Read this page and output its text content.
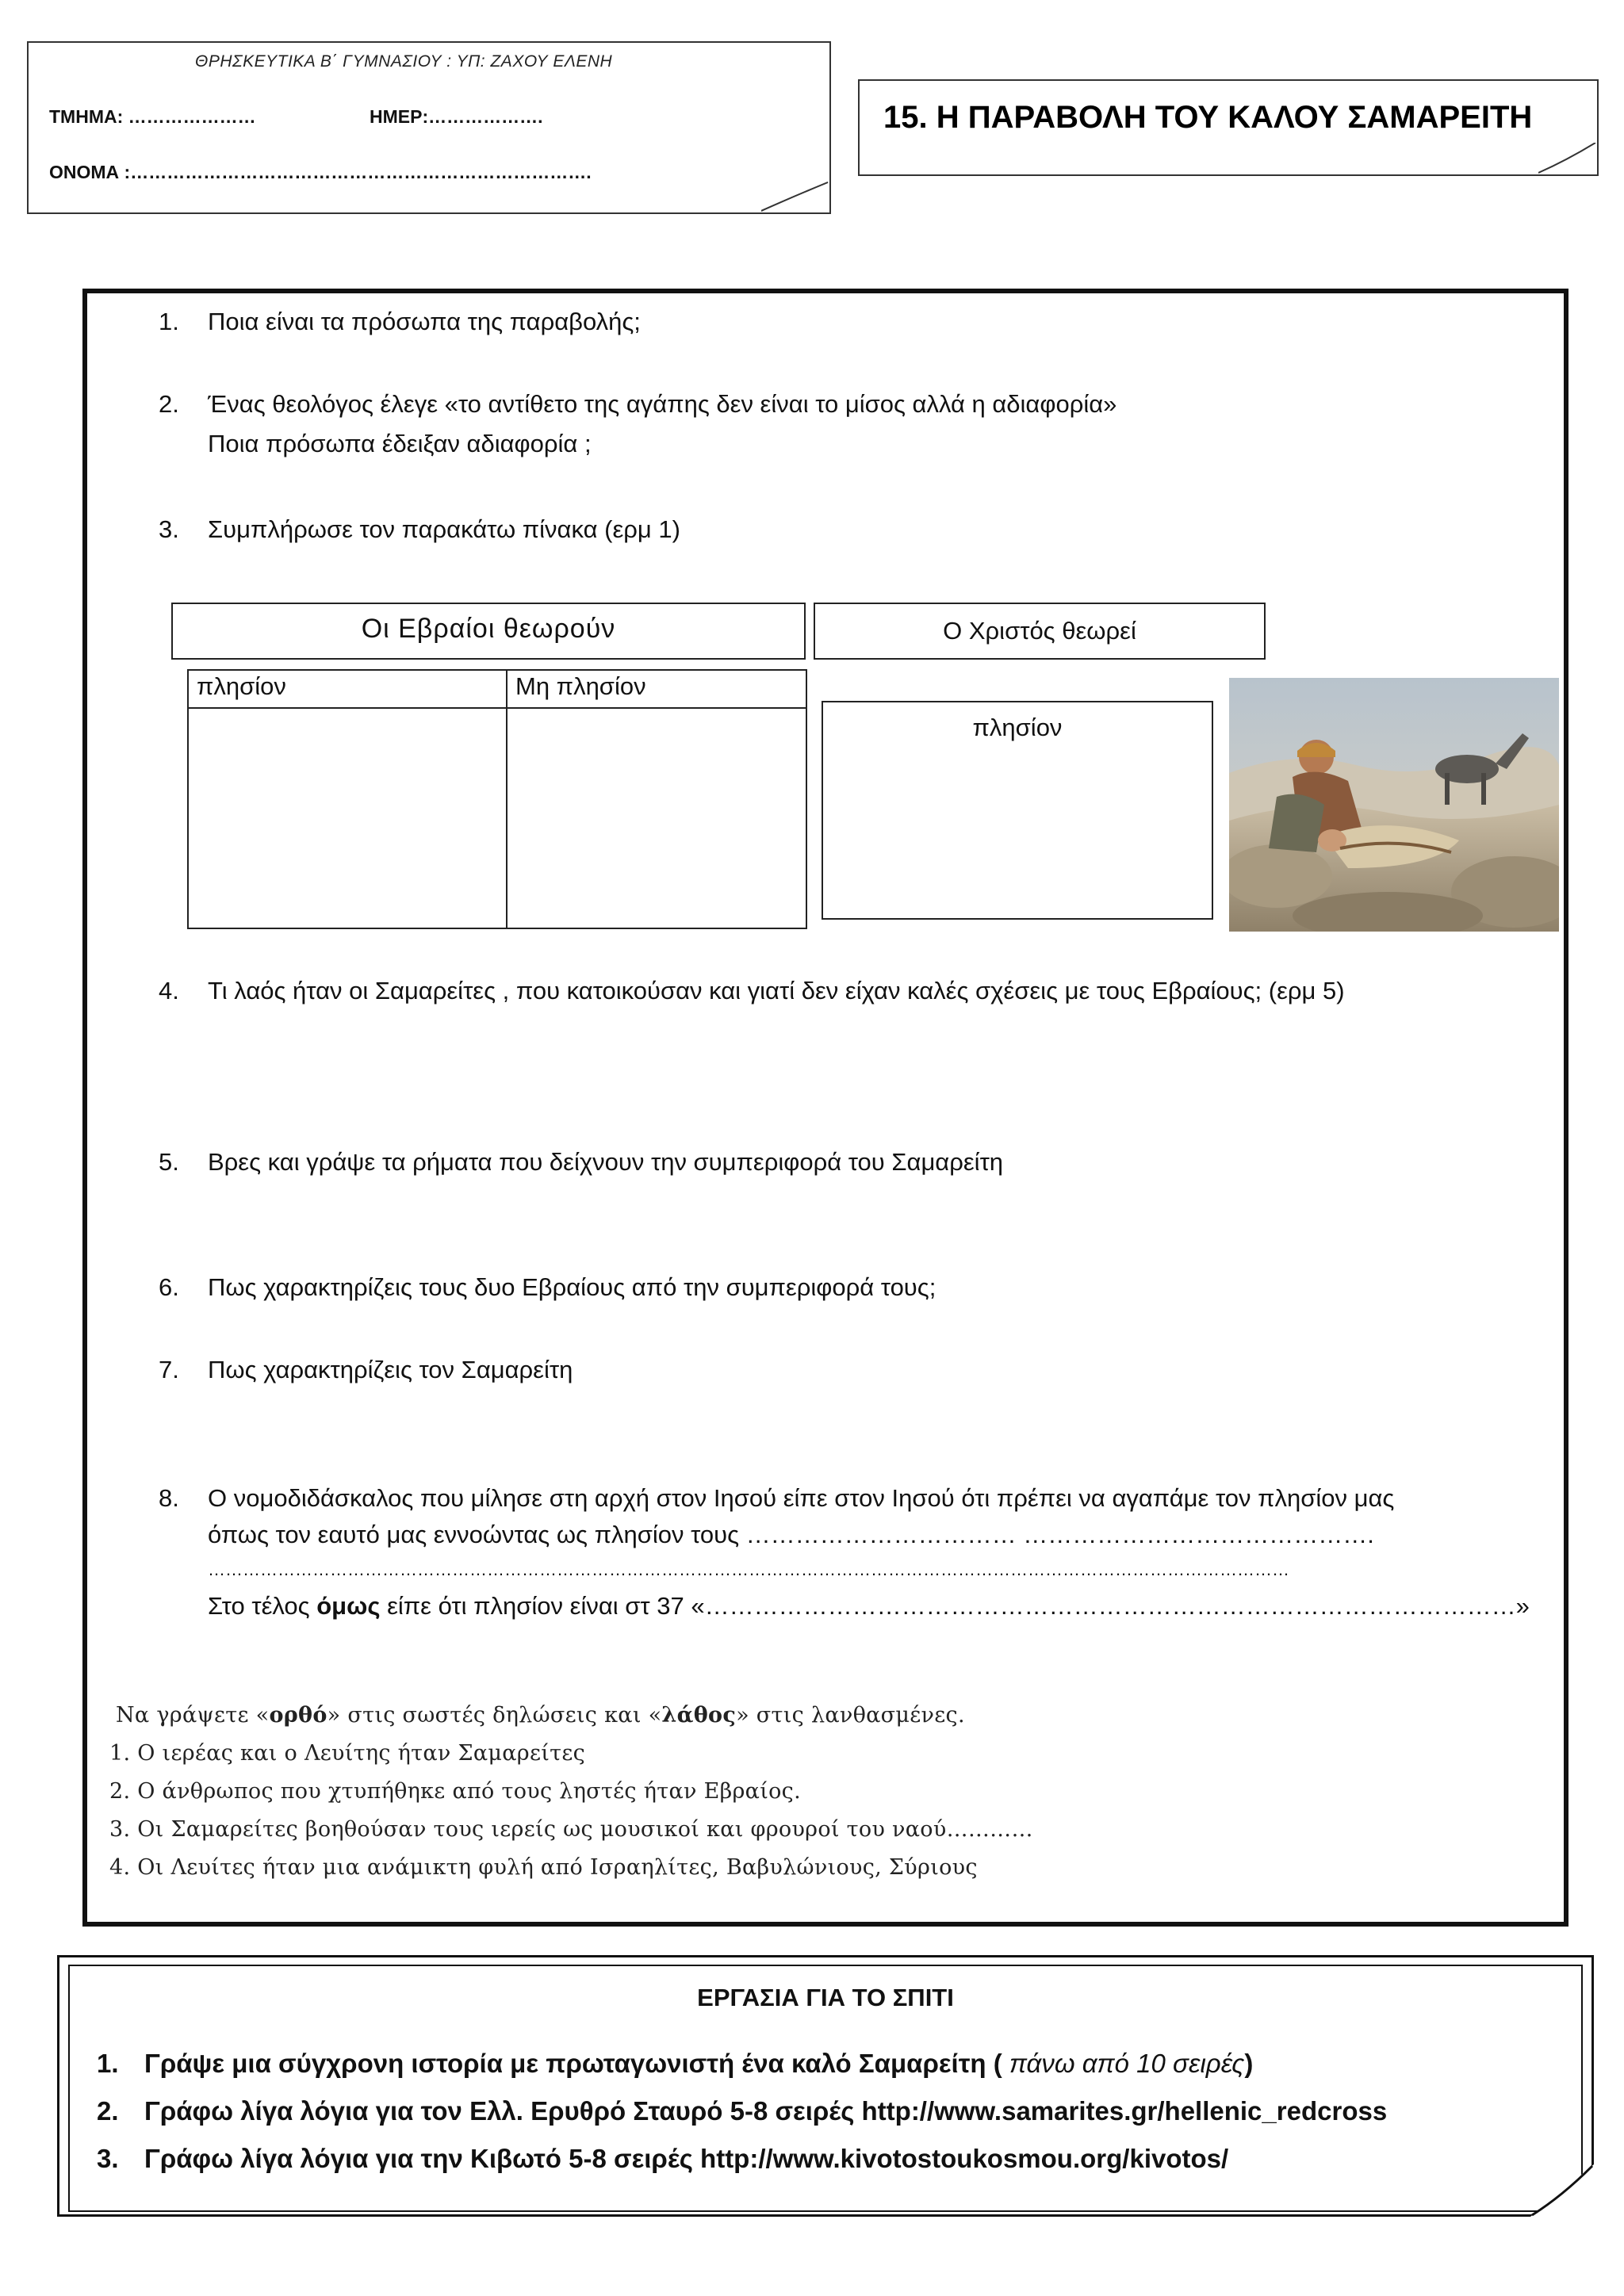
ΘΡΗΣΚΕΥΤΙΚΑ Β΄ ΓΥΜΝΑΣΙΟΥ : ΥΠ: ΖΑΧΟΥ ΕΛΕΝΗ
ΤΜΗΜΑ: …………………	ΗΜΕΡ:……………….
ΟΝΟΜΑ :………………………………………………………………….
15. Η ΠΑΡΑΒΟΛΗ ΤΟΥ ΚΑΛΟΥ ΣΑΜΑΡΕΙΤΗ
1. Ποια είναι τα πρόσωπα της παραβολής;
2. Ένας θεολόγος έλεγε «το αντίθετο της αγάπης δεν είναι το μίσος αλλά η αδιαφορία»
Ποια πρόσωπα έδειξαν αδιαφορία ;
3. Συμπλήρωσε τον παρακάτω πίνακα (ερμ 1)
Οι Εβραίοι θεωρούν	Ο Χριστός θεωρεί
πλησίον	Μη πλησίον
πλησίον
4. Τι λαός ήταν οι Σαμαρείτες , που κατοικούσαν και γιατί δεν είχαν καλές σχέσεις με τους Εβραίους; (ερμ 5)
5. Βρες και γράψε τα ρήματα που δείχνουν την συμπεριφορά του Σαμαρείτη
6. Πως χαρακτηρίζεις τους δυο Εβραίους από την συμπεριφορά τους;
7. Πως χαρακτηρίζεις τον Σαμαρείτη
8. Ο νομοδιδάσκαλος που μίλησε στη αρχή στον Ιησού είπε στον Ιησού ότι πρέπει να αγαπάμε τον πλησίον μας
όπως τον εαυτό μας εννοώντας ως πλησίον τους …………………………… …………………………………….
……………………………………………………………………………………………………………………………………………………………………
Στο τέλος όμως είπε ότι πλησίον είναι στ 37 «………………………………………………………………………………………»
Να γράψετε «ορθό» στις σωστές δηλώσεις και «λάθος» στις λανθασμένες.
1. Ο ιερέας και ο Λευίτης ήταν Σαμαρείτες
2. Ο άνθρωπος που χτυπήθηκε από τους ληστές ήταν Εβραίος.
3. Οι Σαμαρείτες βοηθούσαν τους ιερείς ως μουσικοί και φρουροί του ναού…………
4. Οι Λευίτες ήταν μια ανάμικτη φυλή από Ισραηλίτες, Βαβυλώνιους, Σύριους
ΕΡΓΑΣΙΑ ΓΙΑ ΤΟ ΣΠΙΤΙ
1. Γράψε μια σύγχρονη ιστορία με πρωταγωνιστή ένα καλό Σαμαρείτη ( πάνω από 10 σειρές)
2. Γράφω λίγα λόγια για τον Ελλ. Ερυθρό Σταυρό 5-8 σειρές http://www.samarites.gr/hellenic_redcross
3. Γράφω λίγα λόγια για την Κιβωτό 5-8 σειρές http://www.kivotostoukosmou.org/kivotos/
